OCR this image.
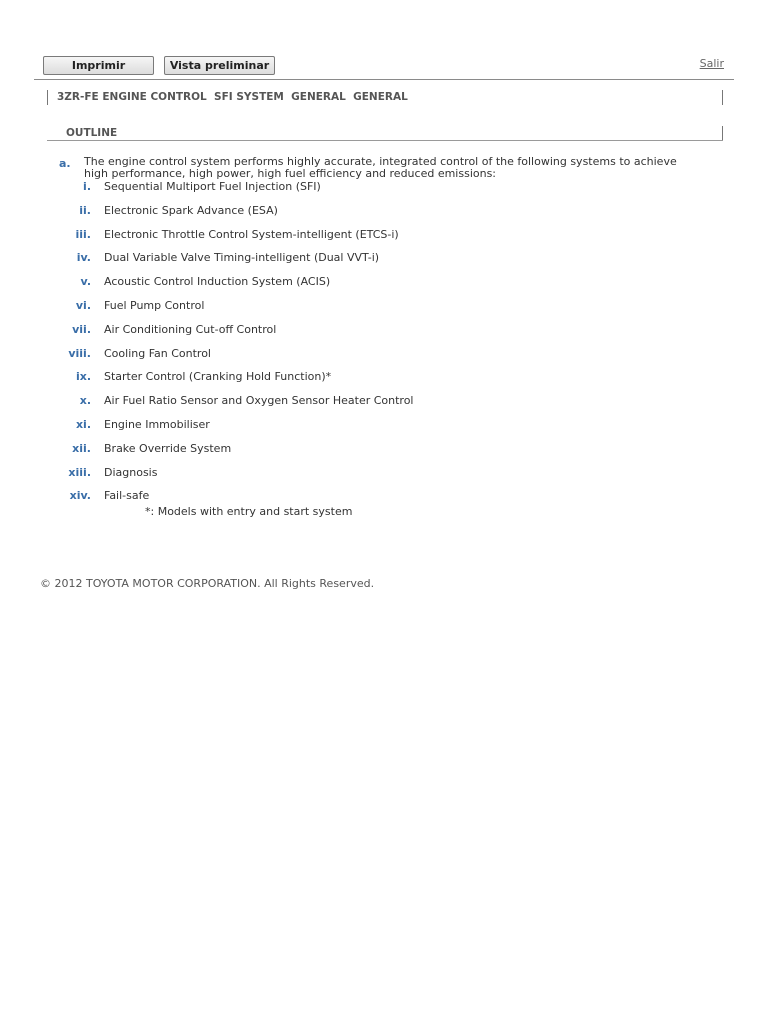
Imprimir	Vista preliminar	Salir
3ZR-FE ENGINE CONTROL  SFI SYSTEM  GENERAL  GENERAL
OUTLINE
a. The engine control system performs highly accurate, integrated control of the following systems to achieve high performance, high power, high fuel efficiency and reduced emissions:
i. Sequential Multiport Fuel Injection (SFI)
ii. Electronic Spark Advance (ESA)
iii. Electronic Throttle Control System-intelligent (ETCS-i)
iv. Dual Variable Valve Timing-intelligent (Dual VVT-i)
v. Acoustic Control Induction System (ACIS)
vi. Fuel Pump Control
vii. Air Conditioning Cut-off Control
viii. Cooling Fan Control
ix. Starter Control (Cranking Hold Function)*
x. Air Fuel Ratio Sensor and Oxygen Sensor Heater Control
xi. Engine Immobiliser
xii. Brake Override System
xiii. Diagnosis
xiv. Fail-safe
*: Models with entry and start system
© 2012 TOYOTA MOTOR CORPORATION. All Rights Reserved.
